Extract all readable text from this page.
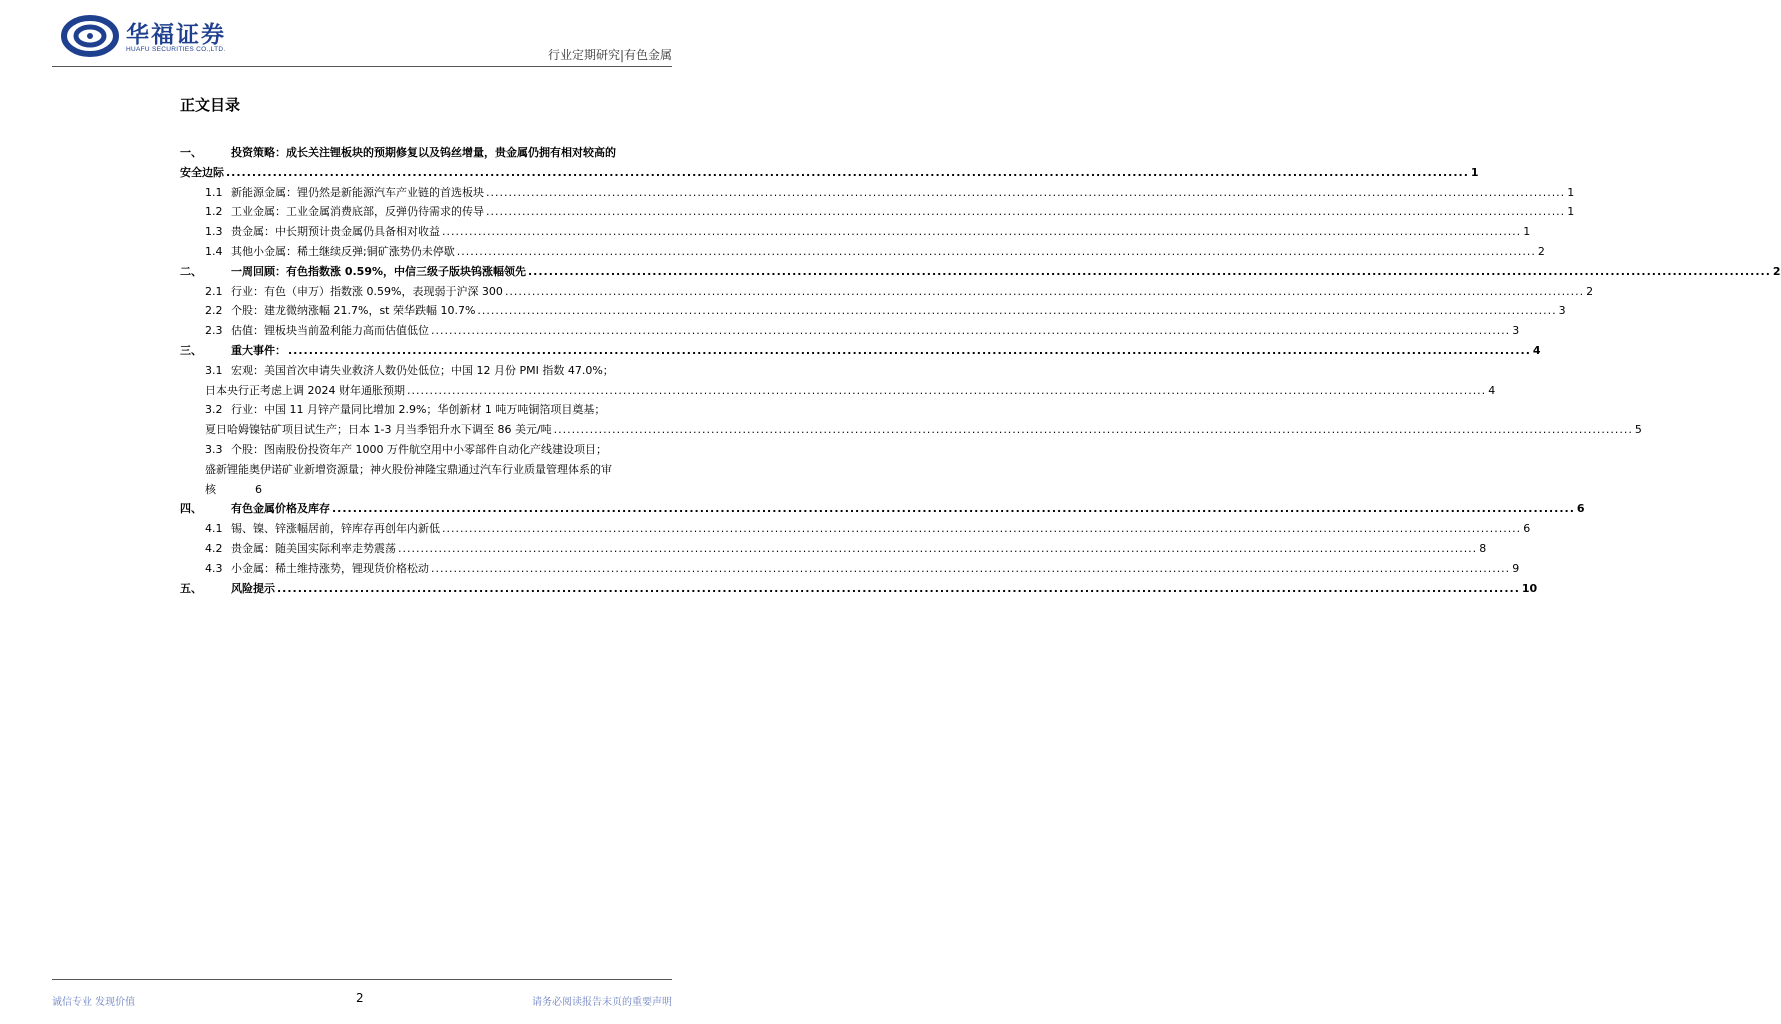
华福证券
HUAFU SECURITIES CO.,LTD.	行业定期研究|有色金属
正文目录
一、	投资策略：成长关注锂板块的预期修复以及钨丝增量，贵金属仍拥有相对较高的
安全边际 .....	1
1.1 新能源金属：锂仍然是新能源汽车产业链的首选板块 .....	1
1.2 工业金属：工业金属消费底部，反弹仍待需求的传导 .....	1
1.3 贵金属：中长期预计贵金属仍具备相对收益 .....	1
1.4 其他小金属：稀土继续反弹;铜矿涨势仍未停歇 .....	2
二、	一周回顾：有色指数涨 0.59%，中信三级子版块钨涨幅领先 .....	2
2.1 行业：有色（申万）指数涨 0.59%，表现弱于沪深 300 .....	2
2.2 个股：建龙微纳涨幅 21.7%，st 荣华跌幅 10.7% .....	3
2.3 估值：锂板块当前盈利能力高而估值低位 .....	3
三、	重大事件： .....	4
3.1 宏观：美国首次申请失业救济人数仍处低位；中国 12 月份 PMI 指数 47.0%；
日本央行正考虑上调 2024 财年通胀预期 .....	4
3.2 行业：中国 11 月锌产量同比增加 2.9%；华创新材 1 吨万吨铜箔项目奠基；
夏日哈姆镍钴矿项目试生产；日本 1-3 月当季铝升水下调至 86 美元/吨 .....	5
3.3 个股：图南股份投资年产 1000 万件航空用中小零部件自动化产线建设项目；
盛新锂能奥伊诺矿业新增资源量；神火股份神隆宝鼎通过汽车行业质量管理体系的审
核	6
四、	有色金属价格及库存 .....	6
4.1 锡、镍、锌涨幅居前，锌库存再创年内新低 .....	6
4.2 贵金属：随美国实际利率走势震荡 .....	8
4.3 小金属：稀土维持涨势，锂现货价格松动 .....	9
五、	风险提示 .....	10
诚信专业 发现价值	2	请务必阅读报告末页的重要声明
